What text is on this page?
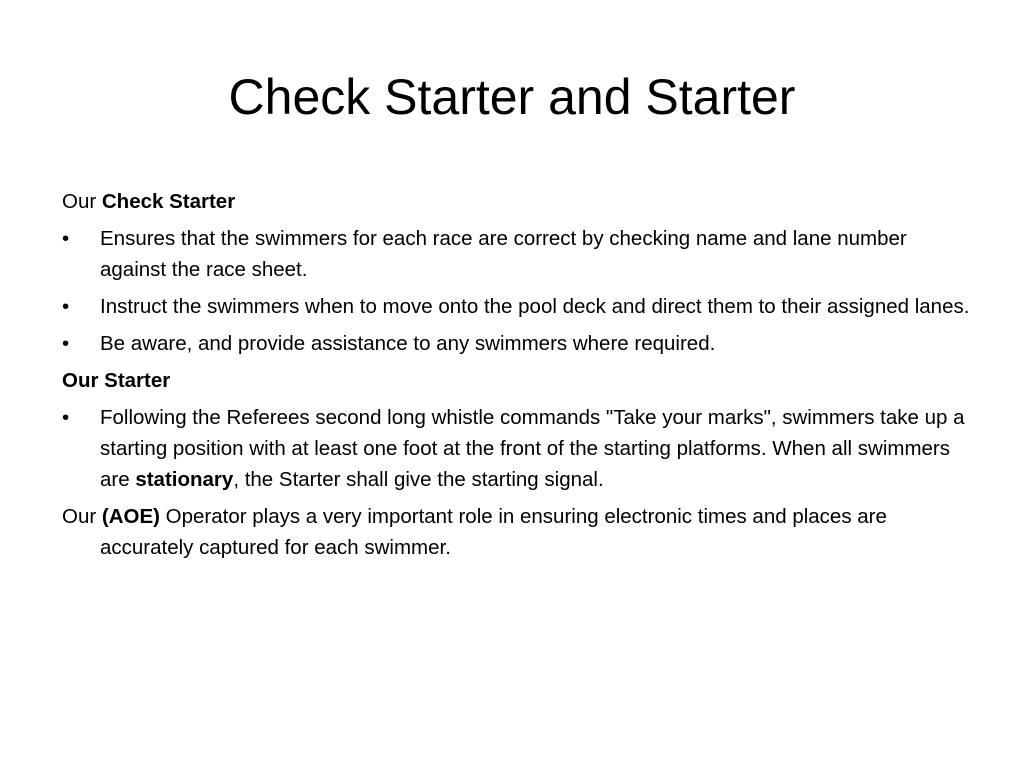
Check Starter and Starter

Our Check Starter

•	Ensures that the swimmers for each race are correct by checking name and lane number against the race sheet.

•	Instruct the swimmers when to move onto the pool deck and direct them to their assigned lanes.

•	Be aware, and provide assistance to any swimmers where required.

Our Starter

•	Following the Referees second long whistle commands "Take your marks", swimmers take up a starting position with at least one foot at the front of the starting platforms. When all swimmers are stationary, the Starter shall give the starting signal.

Our (AOE) Operator plays a very important role in ensuring electronic times and places are accurately captured for each swimmer.
